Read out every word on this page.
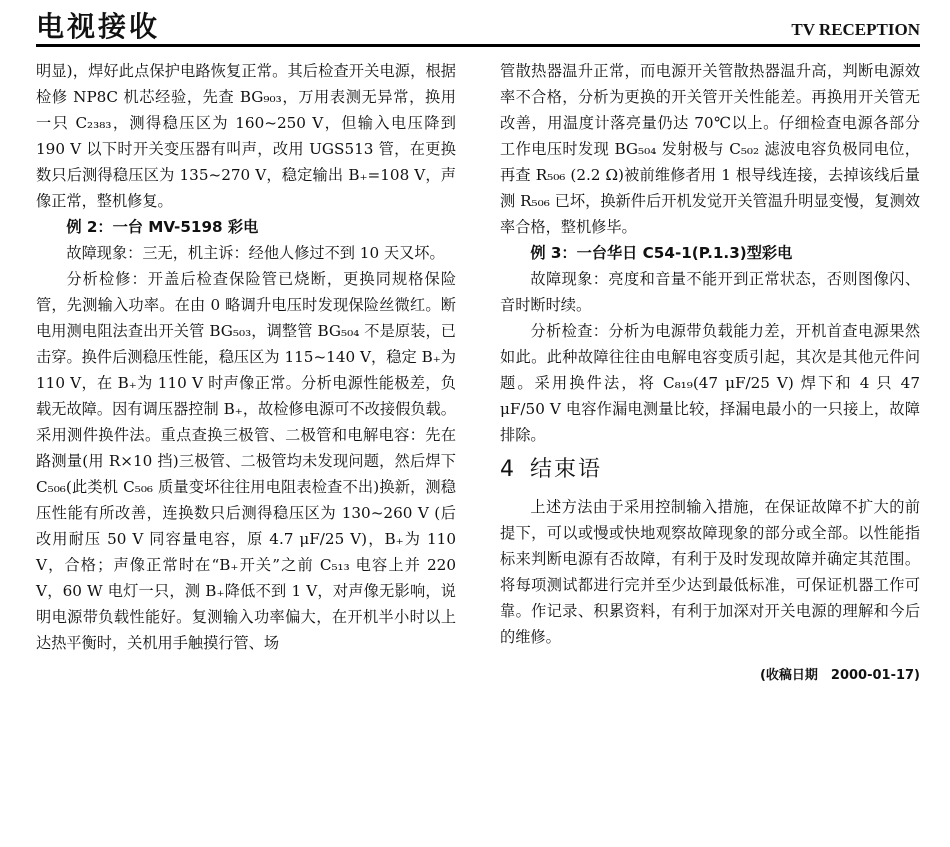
电视接收	TV RECEPTION

明显)，焊好此点保护电路恢复正常。其后检查开关电源，根据检修 NP8C 机芯经验，先查 BG₉₀₃，万用表测无异常，换用一只 C₂₃₈₃，测得稳压区为 160~250 V，但输入电压降到 190 V 以下时开关变压器有叫声，改用 UGS513 管，在更换数只后测得稳压区为 135~270 V，稳定输出 B₊=108 V，声像正常，整机修复。

例 2：一台 MV-5198 彩电

故障现象：三无，机主诉：经他人修过不到 10 天又坏。

分析检修：开盖后检查保险管已烧断，更换同规格保险管，先测输入功率。在由 0 略调升电压时发现保险丝微红。断电用测电阻法查出开关管 BG₅₀₃，调整管 BG₅₀₄ 不是原装，已击穿。换件后测稳压性能，稳压区为 115~140 V，稳定 B₊为 110 V，在 B₊为 110 V 时声像正常。分析电源性能极差，负载无故障。因有调压器控制 B₊，故检修电源可不改接假负载。采用测件换件法。重点查换三极管、二极管和电解电容：先在路测量(用 R×10 挡)三极管、二极管均未发现问题，然后焊下 C₅₀₆(此类机 C₅₀₆ 质量变坏往往用电阻表检查不出)换新，测稳压性能有所改善，连换数只后测得稳压区为 130~260 V (后改用耐压 50 V 同容量电容，原 4.7 μF/25 V)，B₊为 110 V，合格；声像正常时在“B₊开关”之前 C₅₁₃ 电容上并 220 V，60 W 电灯一只，测 B₊降低不到 1 V，对声像无影响，说明电源带负载性能好。复测输入功率偏大，在开机半小时以上达热平衡时，关机用手触摸行管、场

管散热器温升正常，而电源开关管散热器温升高，判断电源效率不合格，分析为更换的开关管开关性能差。再换用开关管无改善，用温度计落亮量仍达 70℃以上。仔细检查电源各部分工作电压时发现 BG₅₀₄ 发射极与 C₅₀₂ 滤波电容负极同电位，再查 R₅₀₆ (2.2 Ω)被前维修者用 1 根导线连接，去掉该线后量测 R₅₀₆ 已坏，换新件后开机发觉开关管温升明显变慢，复测效率合格，整机修毕。

例 3：一台华日 C54-1(P.1.3)型彩电

故障现象：亮度和音量不能开到正常状态，否则图像闪、音时断时续。

分析检查：分析为电源带负载能力差，开机首查电源果然如此。此种故障往往由电解电容变质引起，其次是其他元件问题。采用换件法，将 C₈₁₉(47 μF/25 V) 焊下和 4 只 47 μF/50 V 电容作漏电测量比较，择漏电最小的一只接上，故障排除。

4 结束语

上述方法由于采用控制输入措施，在保证故障不扩大的前提下，可以或慢或快地观察故障现象的部分或全部。以性能指标来判断电源有否故障，有利于及时发现故障并确定其范围。将每项测试都进行完并至少达到最低标准，可保证机器工作可靠。作记录、积累资料，有利于加深对开关电源的理解和今后的维修。

(收稿日期　2000-01-17)
